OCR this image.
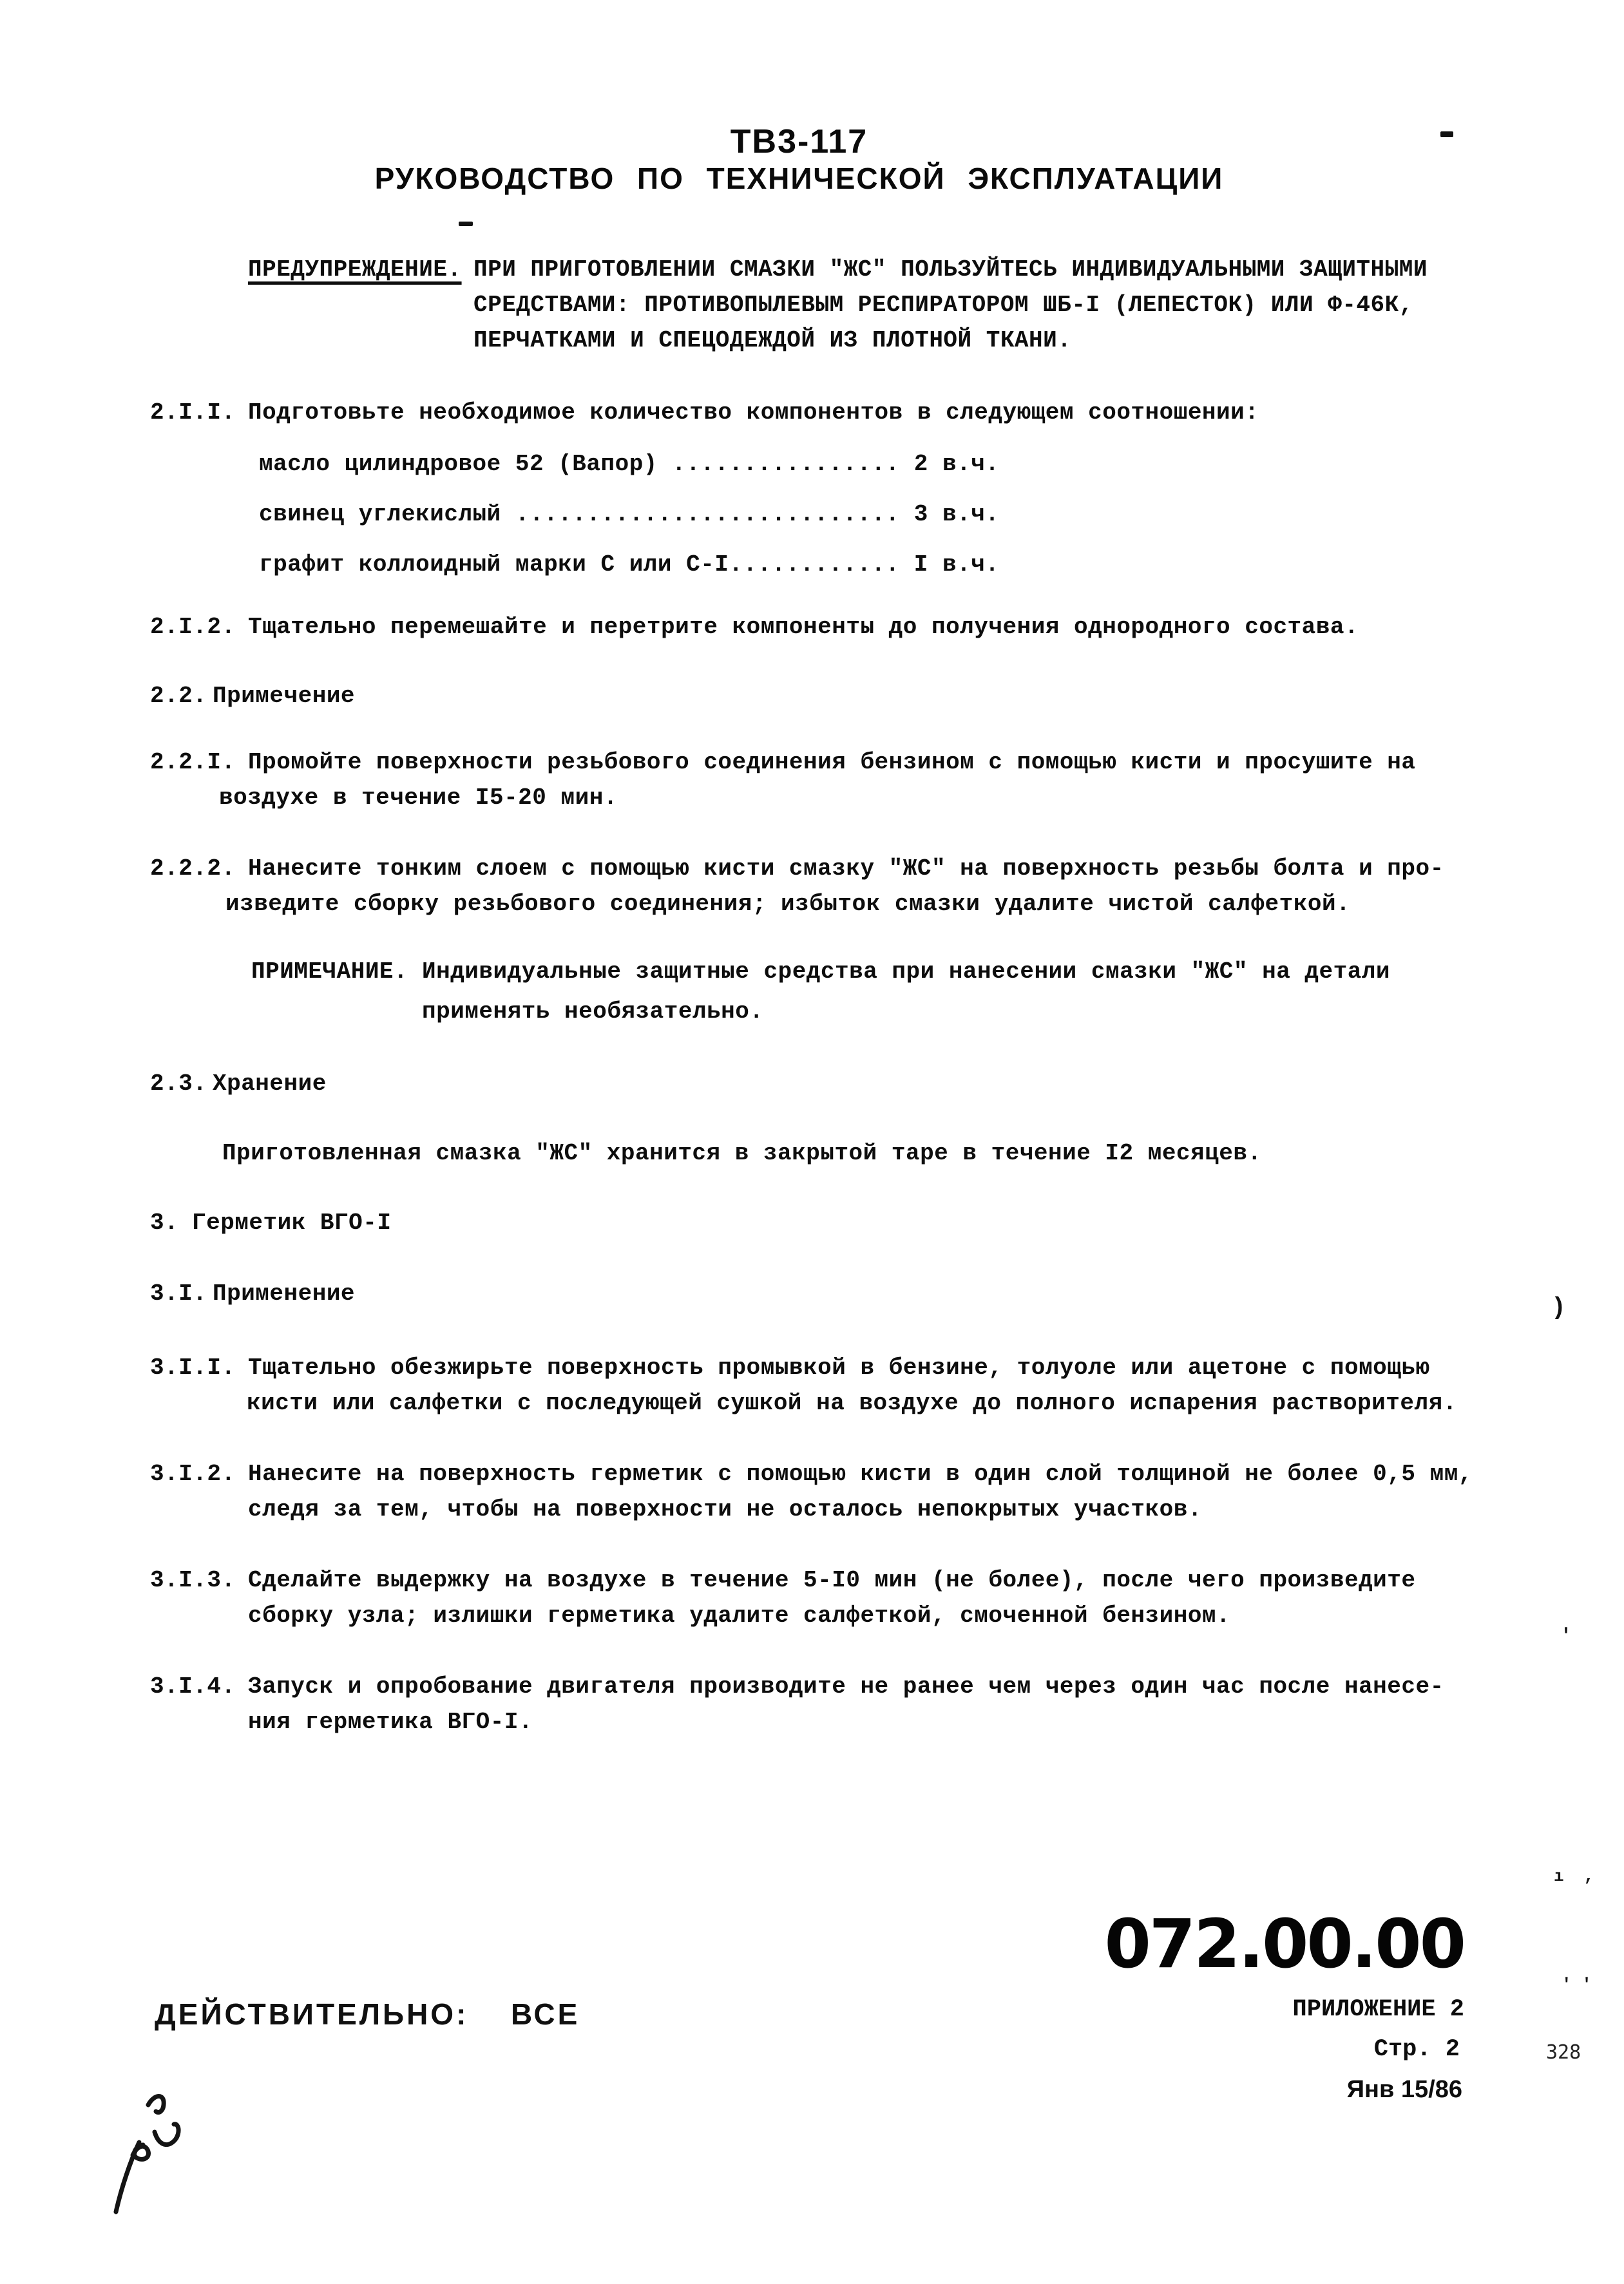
ТВ3-117
РУКОВОДСТВО ПО ТЕХНИЧЕСКОЙ ЭКСПЛУАТАЦИИ
ПРЕДУПРЕЖДЕНИЕ. ПРИ ПРИГОТОВЛЕНИИ СМАЗКИ "ЖС" ПОЛЬЗУЙТЕСЬ ИНДИВИДУАЛЬНЫМИ ЗАЩИТНЫМИ
СРЕДСТВАМИ: ПРОТИВОПЫЛЕВЫМ РЕСПИРАТОРОМ ШБ-I (ЛЕПЕСТОК) ИЛИ Ф-46К,
ПЕРЧАТКАМИ И СПЕЦОДЕЖДОЙ ИЗ ПЛОТНОЙ ТКАНИ.
2.I.I. Подготовьте необходимое количество компонентов в следующем соотношении:
масло цилиндровое 52 (Вапор) ................ 2 в.ч.
свинец углекислый ........................... 3 в.ч.
графит коллоидный марки С или С-I............ I в.ч.
2.I.2. Тщательно перемешайте и перетрите компоненты до получения однородного состава.
2.2. Примечение
2.2.I. Промойте поверхности резьбового соединения бензином с помощью кисти и просушите на
воздухе в течение I5-20 мин.
2.2.2. Нанесите тонким слоем с помощью кисти смазку "ЖС" на поверхность резьбы болта и про-
изведите сборку резьбового соединения; избыток смазки удалите чистой салфеткой.
ПРИМЕЧАНИЕ. Индивидуальные защитные средства при нанесении смазки "ЖС" на детали
применять необязательно.
2.3. Хранение
Приготовленная смазка "ЖС" хранится в закрытой таре в течение I2 месяцев.
3. Герметик ВГО-I
3.I. Применение
3.I.I. Тщательно обезжирьте поверхность промывкой в бензине, толуоле или ацетоне с помощью
кисти или салфетки с последующей сушкой на воздухе до полного испарения растворителя.
3.I.2. Нанесите на поверхность герметик с помощью кисти в один слой толщиной не более 0,5 мм,
следя за тем, чтобы на поверхности не осталось непокрытых участков.
3.I.3. Сделайте выдержку на воздухе в течение 5-I0 мин (не более), после чего произведите
сборку узла; излишки герметика удалите салфеткой, смоченной бензином.
3.I.4. Запуск и опробование двигателя производите не ранее чем через один час после нанесе-
ния герметика ВГО-I.
)
'
ı  ,
' '
072.00.00
ПРИЛОЖЕНИЕ 2
Стр. 2
Янв 15/86
328
ДЕЙСТВИТЕЛЬНО:  ВСЕ
